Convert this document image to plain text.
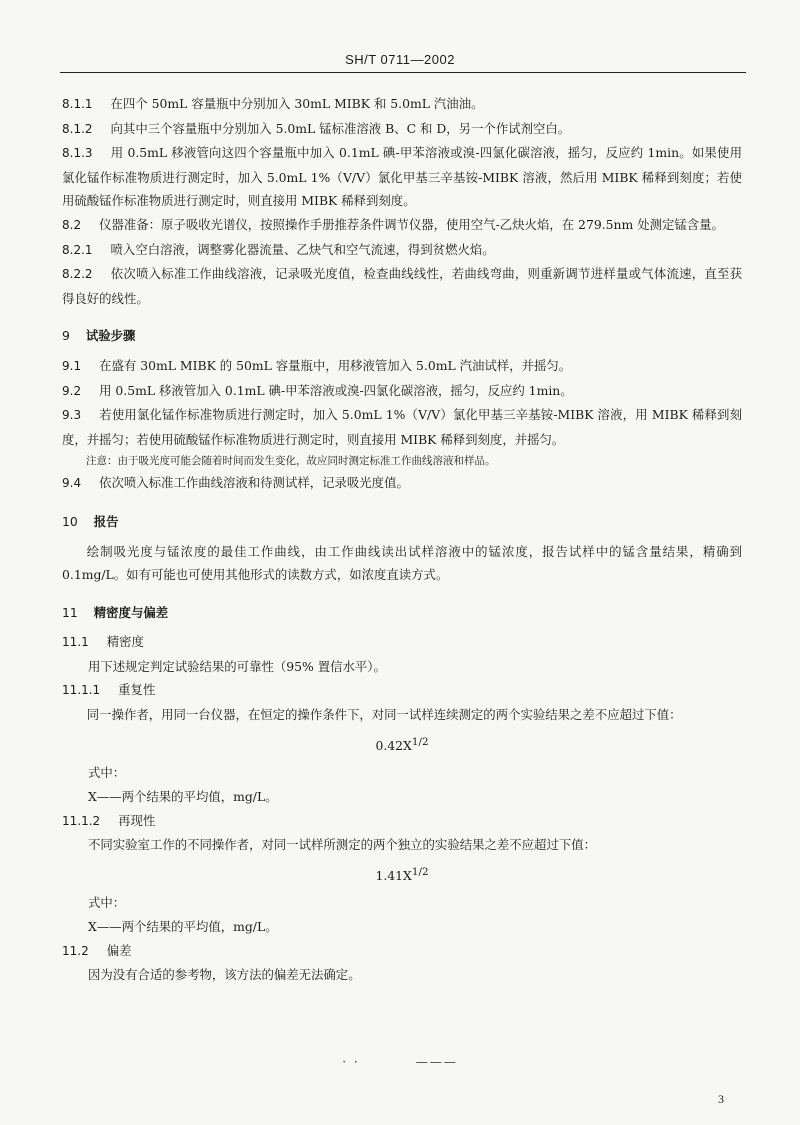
SH/T 0711—2002
8.1.1 在四个 50mL 容量瓶中分别加入 30mL MIBK 和 5.0mL 汽油油。
8.1.2 向其中三个容量瓶中分别加入 5.0mL 锰标准溶液 B、C 和 D，另一个作试剂空白。
8.1.3 用 0.5mL 移液管向这四个容量瓶中加入 0.1mL 碘-甲苯溶液或溴-四氯化碳溶液，摇匀，反应约 1min。如果使用氯化锰作标准物质进行测定时，加入 5.0mL 1%（V/V）氯化甲基三辛基铵-MIBK 溶液，然后用 MIBK 稀释到刻度；若使用硫酸锰作标准物质进行测定时，则直接用 MIBK 稀释到刻度。
8.2 仪器准备：原子吸收光谱仪，按照操作手册推荐条件调节仪器，使用空气-乙炔火焰，在 279.5nm 处测定锰含量。
8.2.1 喷入空白溶液，调整雾化器流量、乙炔气和空气流速，得到贫燃火焰。
8.2.2 依次喷入标准工作曲线溶液，记录吸光度值，检查曲线线性，若曲线弯曲，则重新调节进样量或气体流速，直至获得良好的线性。
9 试验步骤
9.1 在盛有 30mL MIBK 的 50mL 容量瓶中，用移液管加入 5.0mL 汽油试样，并摇匀。
9.2 用 0.5mL 移液管加入 0.1mL 碘-甲苯溶液或溴-四氯化碳溶液，摇匀，反应约 1min。
9.3 若使用氯化锰作标准物质进行测定时，加入 5.0mL 1%（V/V）氯化甲基三辛基铵-MIBK 溶液，用 MIBK 稀释到刻度，并摇匀；若使用硫酸锰作标准物质进行测定时，则直接用 MIBK 稀释到刻度，并摇匀。
注意：由于吸光度可能会随着时间而发生变化，故应同时测定标准工作曲线溶液和样品。
9.4 依次喷入标准工作曲线溶液和待测试样，记录吸光度值。
10 报告
绘制吸光度与锰浓度的最佳工作曲线，由工作曲线读出试样溶液中的锰浓度，报告试样中的锰含量结果，精确到 0.1mg/L。如有可能也可使用其他形式的读数方式，如浓度直读方式。
11 精密度与偏差
11.1 精密度
用下述规定判定试验结果的可靠性（95% 置信水平）。
11.1.1 重复性
同一操作者，用同一台仪器，在恒定的操作条件下，对同一试样连续测定的两个实验结果之差不应超过下值：
$0.42X^{1/2}$
式中：
X——两个结果的平均值，mg/L。
11.1.2 再现性
不同实验室工作的不同操作者，对同一试样所测定的两个独立的实验结果之差不应超过下值：
$1.41X^{1/2}$
式中：
X——两个结果的平均值，mg/L。
11.2 偏差
因为没有合适的参考物，该方法的偏差无法确定。
· ·　　　　———
3
